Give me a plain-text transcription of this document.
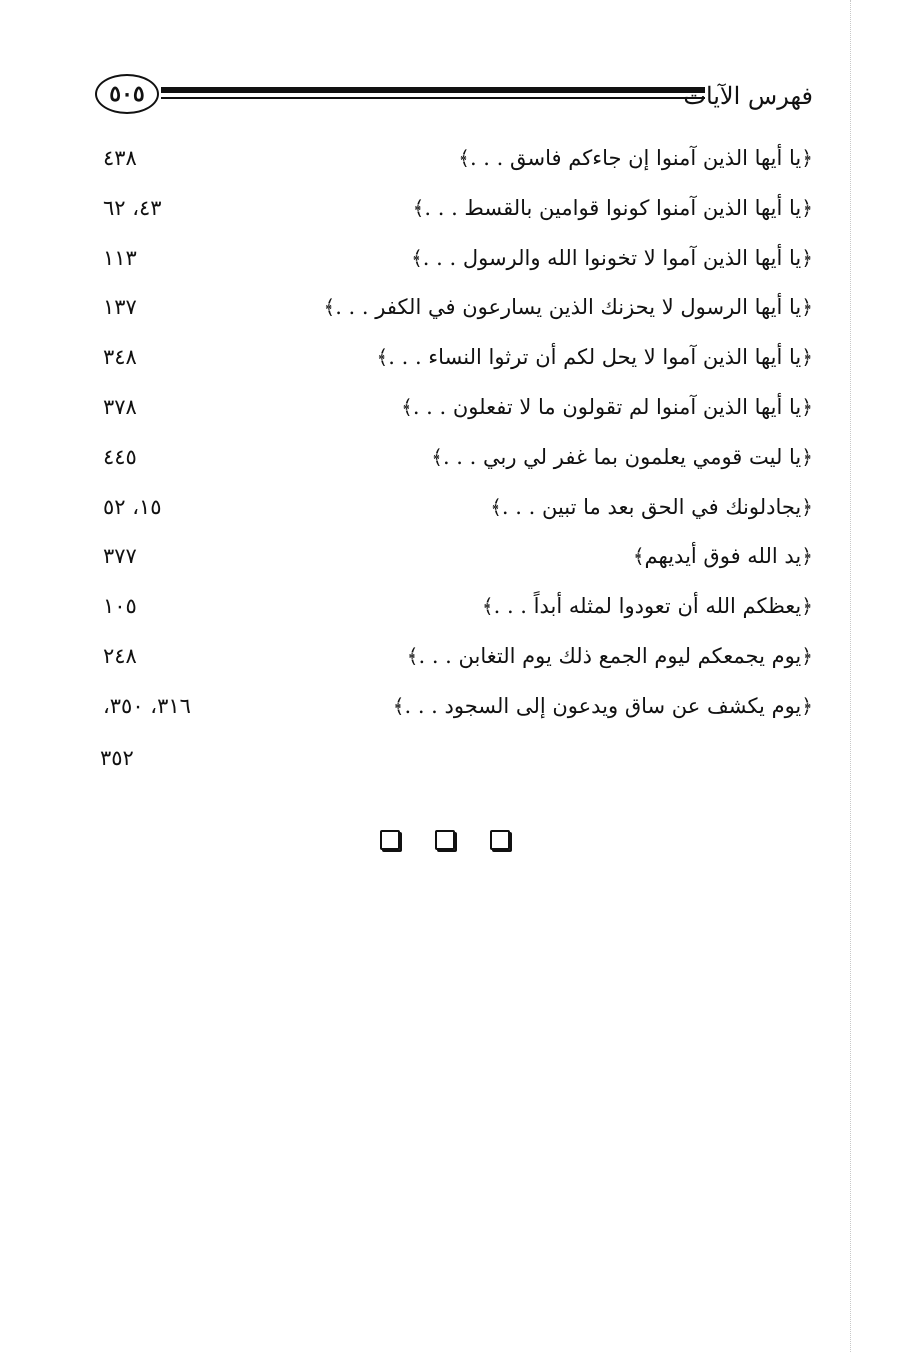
٥٠٥	فهرس الآيات
﴿يا أيها الذين آمنوا إن جاءكم فاسق . . .﴾
٤٣٨
﴿يا أيها الذين آمنوا كونوا قوامين بالقسط . . .﴾
٤٣، ٦٢
﴿يا أيها الذين آموا لا تخونوا الله والرسول . . .﴾
١١٣
﴿يا أيها الرسول لا يحزنك الذين يسارعون في الكفر . . .﴾
١٣٧
﴿يا أيها الذين آموا لا يحل لكم أن ترثوا النساء . . .﴾
٣٤٨
﴿يا أيها الذين آمنوا لم تقولون ما لا تفعلون . . .﴾
٣٧٨
﴿يا ليت قومي يعلمون بما غفر لي ربي . . .﴾
٤٤٥
﴿يجادلونك في الحق بعد ما تبين . . .﴾
١٥، ٥٢
﴿يد الله فوق أيديهم﴾
٣٧٧
﴿يعظكم الله أن تعودوا لمثله أبداً . . .﴾
١٠٥
﴿يوم يجمعكم ليوم الجمع ذلك يوم التغابن . . .﴾
٢٤٨
﴿يوم يكشف عن ساق ويدعون إلى السجود . . .﴾
٣١٦، ٣٥٠،
٣٥٢
